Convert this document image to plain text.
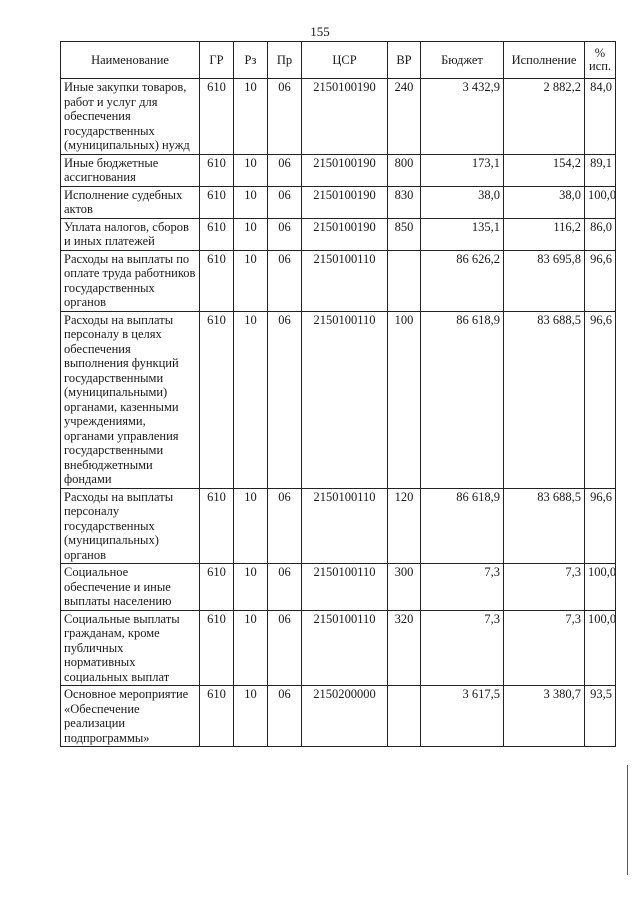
155
Наименование	ГР	Рз	Пр	ЦСР	ВР	Бюджет	Исполнение	%
исп.
Иные закупки товаров, работ и услуг для обеспечения государственных (муниципальных) нужд	610	10	06	2150100190	240	3 432,9	2 882,2	84,0
Иные бюджетные ассигнования	610	10	06	2150100190	800	173,1	154,2	89,1
Исполнение судебных актов	610	10	06	2150100190	830	38,0	38,0	100,0
Уплата налогов, сборов и иных платежей	610	10	06	2150100190	850	135,1	116,2	86,0
Расходы на выплаты по оплате труда работников государственных органов	610	10	06	2150100110		86 626,2	83 695,8	96,6
Расходы на выплаты персоналу в целях обеспечения выполнения функций государственными (муниципальными) органами, казенными учреждениями, органами управления государственными внебюджетными фондами	610	10	06	2150100110	100	86 618,9	83 688,5	96,6
Расходы на выплаты персоналу государственных (муниципальных) органов	610	10	06	2150100110	120	86 618,9	83 688,5	96,6
Социальное обеспечение и иные выплаты населению	610	10	06	2150100110	300	7,3	7,3	100,0
Социальные выплаты гражданам, кроме публичных нормативных социальных выплат	610	10	06	2150100110	320	7,3	7,3	100,0
Основное мероприятие «Обеспечение реализации подпрограммы»	610	10	06	2150200000		3 617,5	3 380,7	93,5
